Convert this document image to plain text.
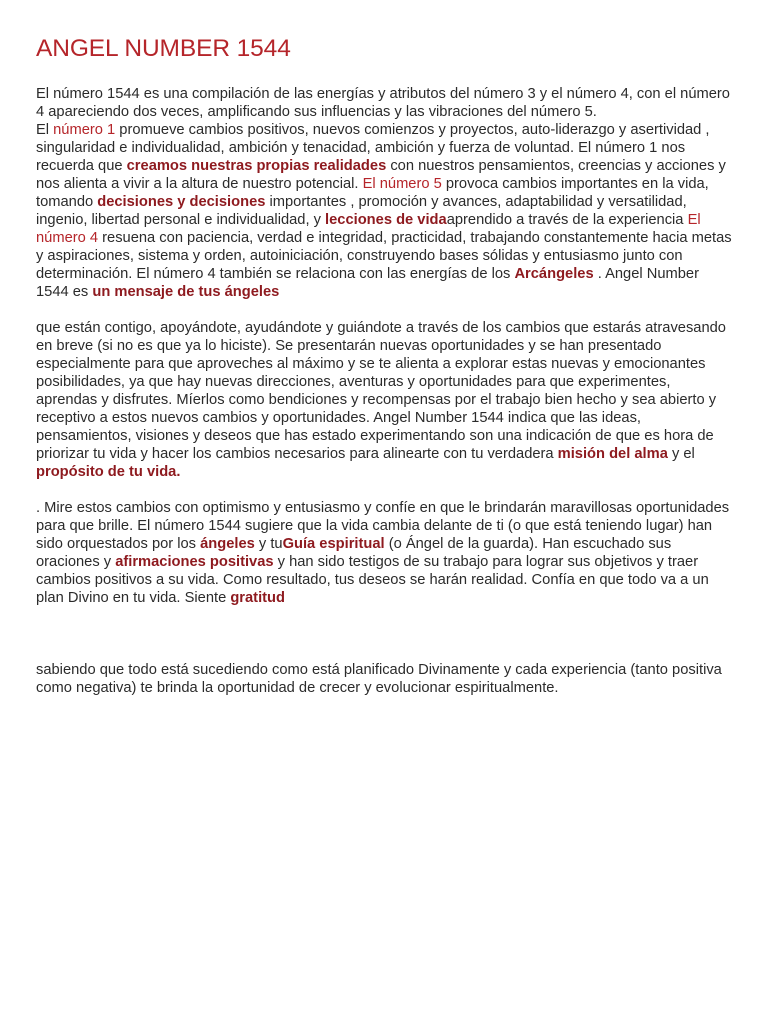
ANGEL NUMBER 1544

El número 1544 es una compilación de las energías y atributos del número 3 y el número 4, con el número 4 apareciendo dos veces, amplificando sus influencias y las vibraciones del número 5.
El número 1 promueve cambios positivos, nuevos comienzos y proyectos, auto-liderazgo y asertividad , singularidad e individualidad, ambición y tenacidad, ambición y fuerza de voluntad. El número 1 nos recuerda que creamos nuestras propias realidades con nuestros pensamientos, creencias y acciones y nos alienta a vivir a la altura de nuestro potencial. El número 5 provoca cambios importantes en la vida, tomando decisiones y decisiones importantes , promoción y avances, adaptabilidad y versatilidad, ingenio, libertad personal e individualidad, y lecciones de vidaaprendido a través de la experiencia El número 4 resuena con paciencia, verdad e integridad, practicidad, trabajando constantemente hacia metas y aspiraciones, sistema y orden, autoiniciación, construyendo bases sólidas y entusiasmo junto con determinación. El número 4 también se relaciona con las energías de los Arcángeles . Angel Number 1544 es un mensaje de tus ángeles

que están contigo, apoyándote, ayudándote y guiándote a través de los cambios que estarás atravesando en breve (si no es que ya lo hiciste). Se presentarán nuevas oportunidades y se han presentado especialmente para que aproveches al máximo y se te alienta a explorar estas nuevas y emocionantes posibilidades, ya que hay nuevas direcciones, aventuras y oportunidades para que experimentes, aprendas y disfrutes. Míerlos como bendiciones y recompensas por el trabajo bien hecho y sea abierto y receptivo a estos nuevos cambios y oportunidades. Angel Number 1544 indica que las ideas, pensamientos, visiones y deseos que has estado experimentando son una indicación de que es hora de priorizar tu vida y hacer los cambios necesarios para alinearte con tu verdadera misión del alma y el propósito de tu vida.

. Mire estos cambios con optimismo y entusiasmo y confíe en que le brindarán maravillosas oportunidades para que brille. El número 1544 sugiere que la vida cambia delante de ti (o que está teniendo lugar) han sido orquestados por los ángeles y tuGuía espiritual (o Ángel de la guarda). Han escuchado sus oraciones y afirmaciones positivas y han sido testigos de su trabajo para lograr sus objetivos y traer cambios positivos a su vida. Como resultado, tus deseos se harán realidad. Confía en que todo va a un plan Divino en tu vida. Siente gratitud

sabiendo que todo está sucediendo como está planificado Divinamente y cada experiencia (tanto positiva como negativa) te brinda la oportunidad de crecer y evolucionar espiritualmente.
